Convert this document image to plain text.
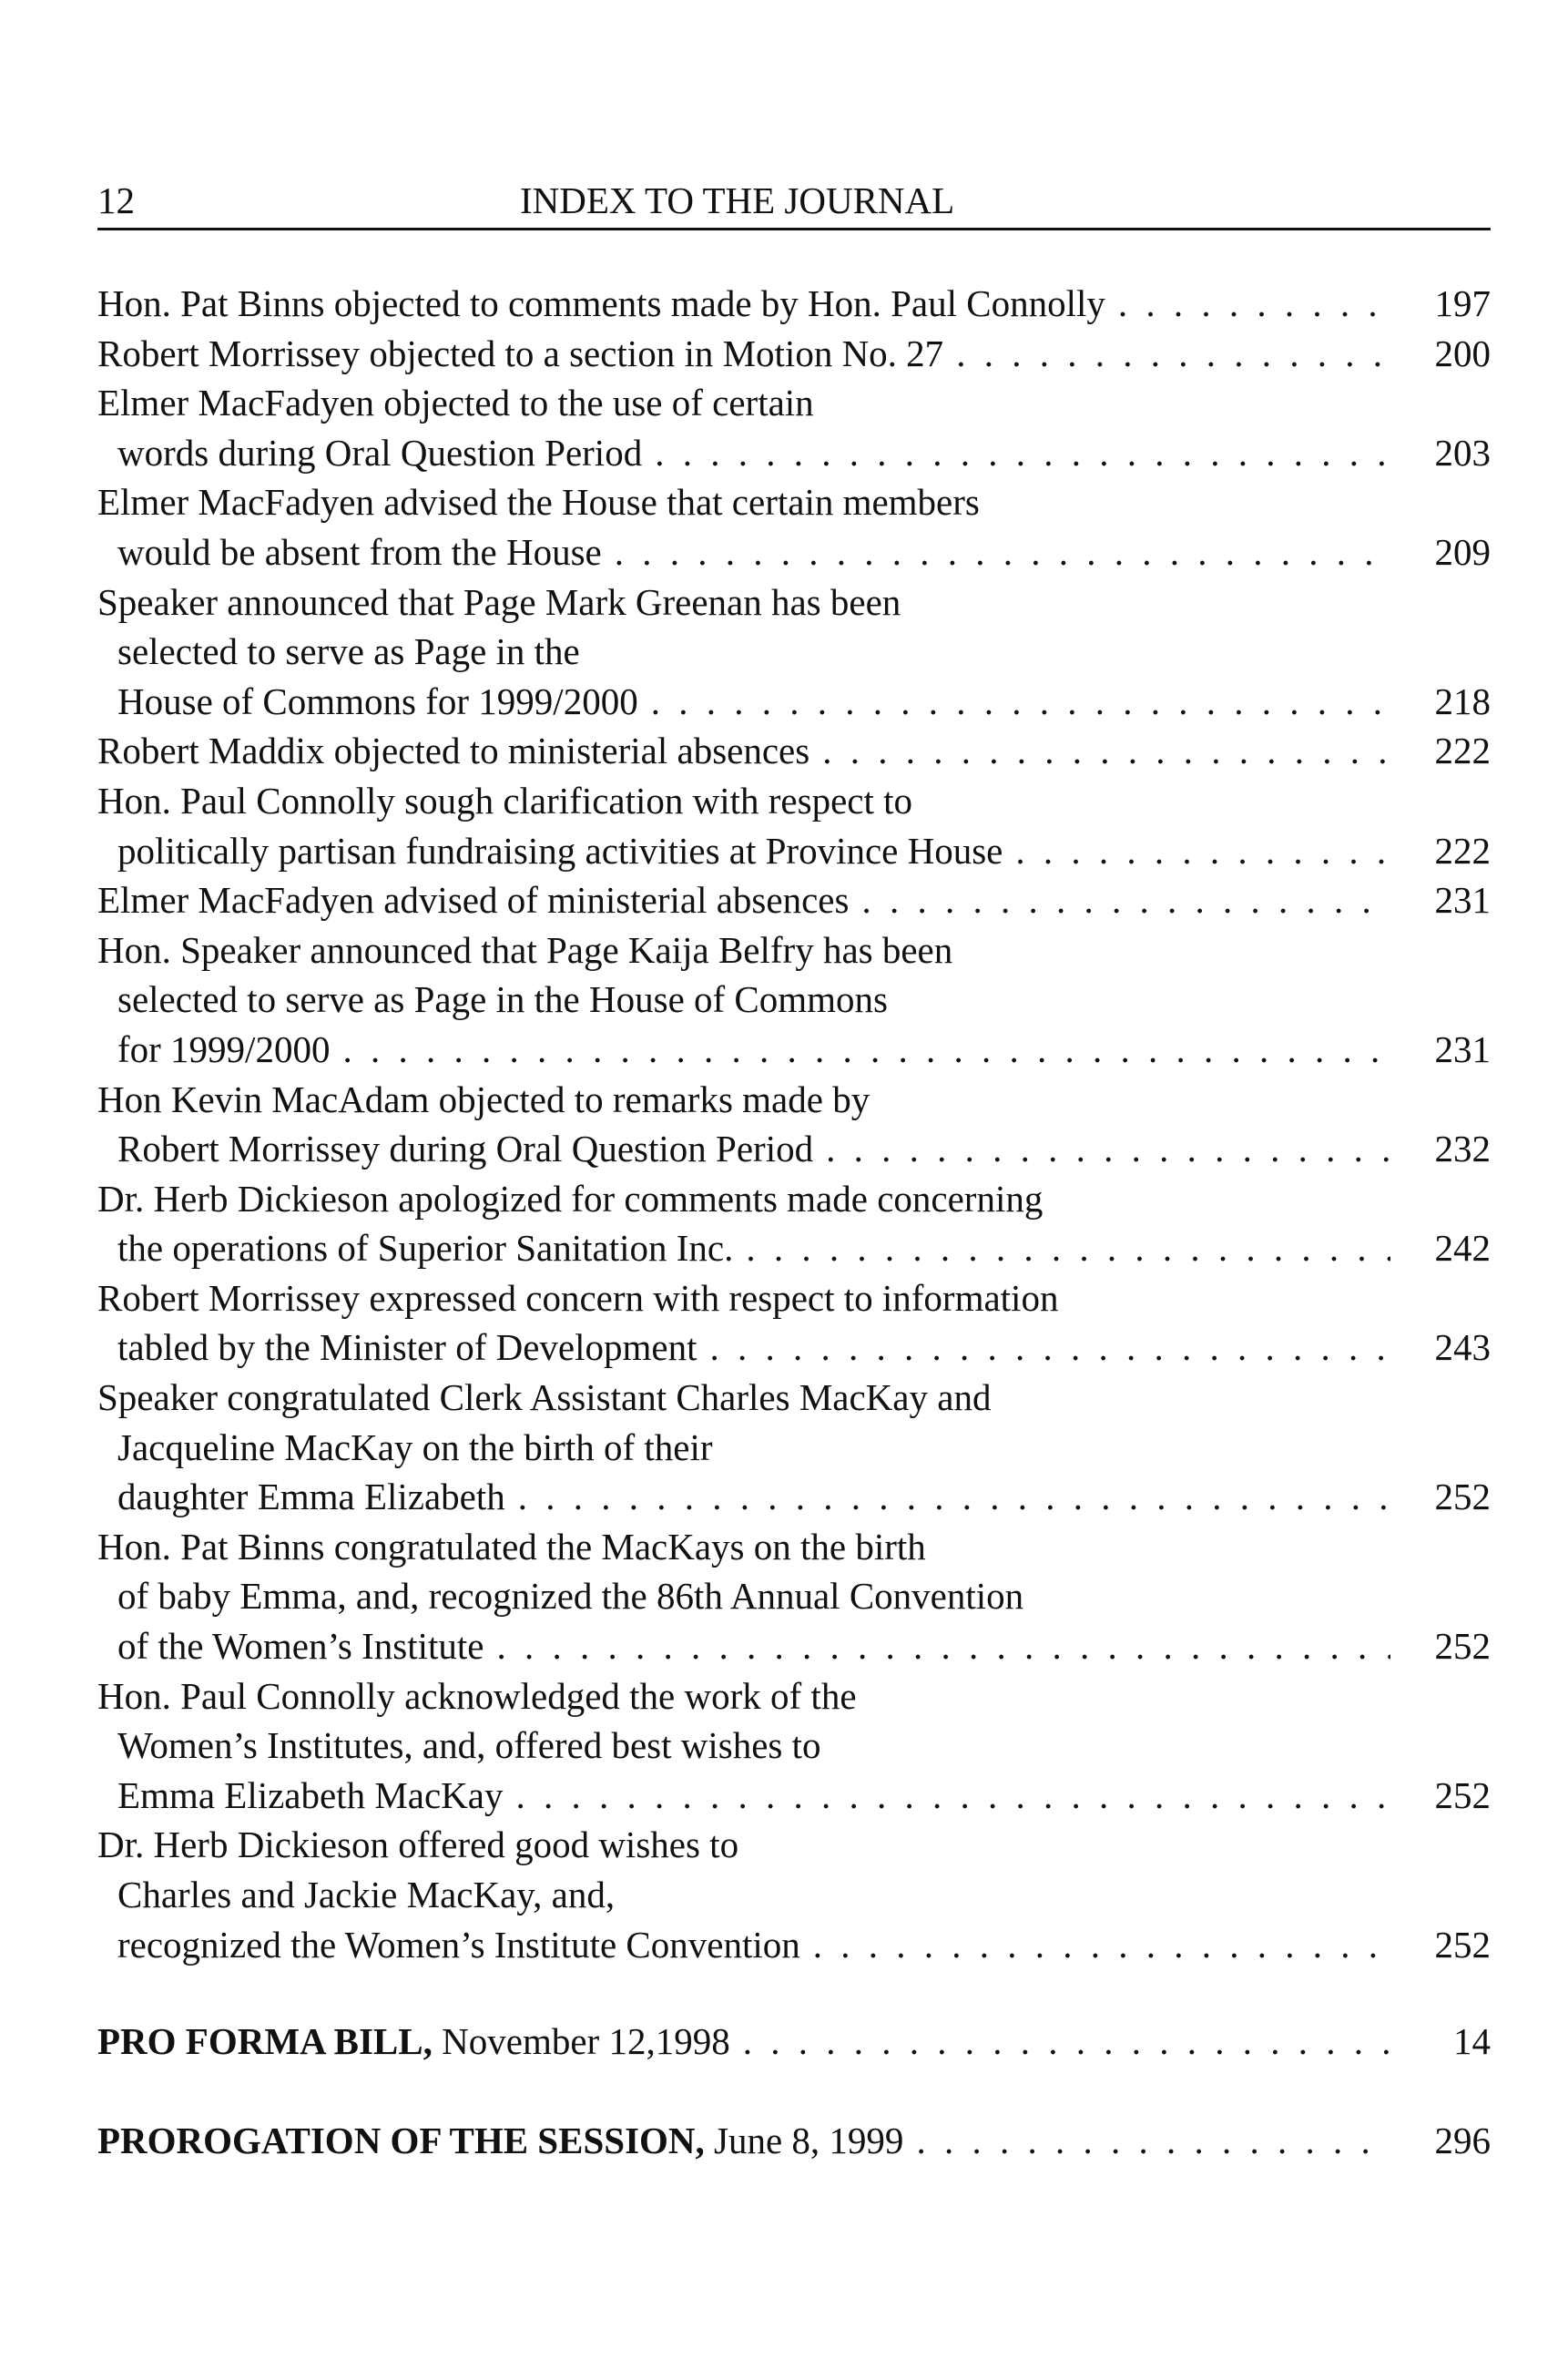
12	INDEX TO THE JOURNAL
Hon. Pat Binns objected to comments made by Hon. Paul Connolly . . .	197
Robert Morrissey objected to a section in Motion No. 27 . . .	200
Elmer MacFadyen objected to the use of certain
words during Oral Question Period . . .	203
Elmer MacFadyen advised the House that certain members
would be absent from the House . . .	209
Speaker announced that Page Mark Greenan has been
selected to serve as Page in the
House of Commons for 1999/2000 . . .	218
Robert Maddix objected to ministerial absences . . .	222
Hon. Paul Connolly sough clarification with respect to
politically partisan fundraising activities at Province House . . .	222
Elmer MacFadyen advised of ministerial absences . . .	231
Hon. Speaker announced that Page Kaija Belfry has been
selected to serve as Page in the House of Commons
for 1999/2000 . . .	231
Hon Kevin MacAdam objected to remarks made by
Robert Morrissey during Oral Question Period . . .	232
Dr. Herb Dickieson apologized for comments made concerning
the operations of Superior Sanitation Inc. . . .	242
Robert Morrissey expressed concern with respect to information
tabled by the Minister of Development . . .	243
Speaker congratulated Clerk Assistant Charles MacKay and
Jacqueline MacKay on the birth of their
daughter Emma Elizabeth . . .	252
Hon. Pat Binns congratulated the MacKays on the birth
of baby Emma, and, recognized the 86th Annual Convention
of the Women’s Institute . . .	252
Hon. Paul Connolly acknowledged the work of the
Women’s Institutes, and, offered best wishes to
Emma Elizabeth MacKay . . .	252
Dr. Herb Dickieson offered good wishes to
Charles and Jackie MacKay, and,
recognized the Women’s Institute Convention . . .	252
PRO FORMA BILL, November 12,1998 . . .	14
PROROGATION OF THE SESSION, June 8, 1999 . . .	296
